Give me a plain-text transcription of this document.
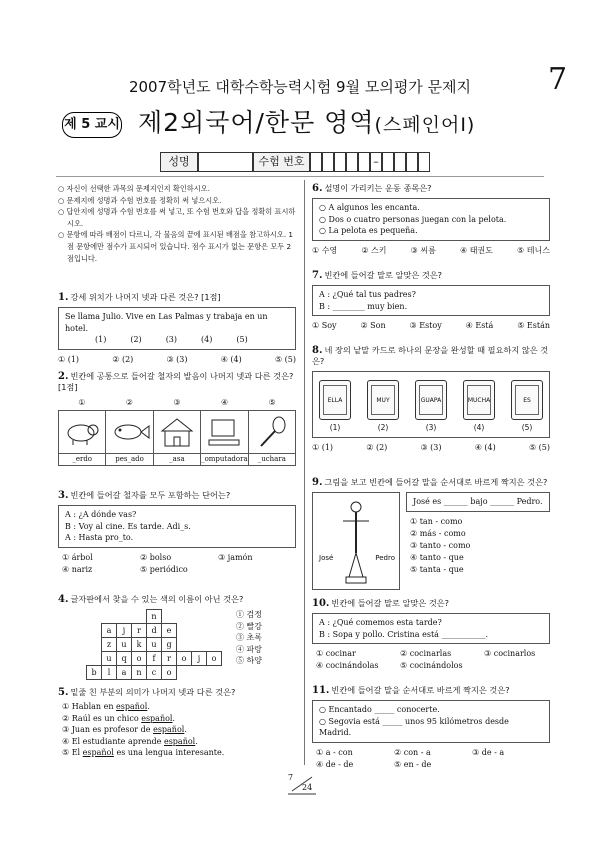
2007학년도 대학수학능력시험 9월 모의평가 문제지	7
제 5 교시 제2외국어/한문 영역(스페인어Ⅰ)
성명	수험 번호	–

○ 자신이 선택한 과목의 문제지인지 확인하시오.

○ 문제지에 성명과 수험 번호를 정확히 써 넣으시오.

○ 답안지에 성명과 수험 번호를 써 넣고, 또 수험 번호와 답을 정확히 표시하시오.

○ 문항에 따라 배점이 다르니, 각 물음의 끝에 표시된 배점을 참고하시오. 1점 문항에만 점수가 표시되어 있습니다. 점수 표시가 없는 문항은 모두 2점입니다.

1. 강세 위치가 나머지 넷과 다른 것은? [1점]
Se llama Julio. Vive en Las Palmas y trabaja en un hotel.
(1)	(2)	(3)	(4)	(5)
① (1)	② (2)	③ (3)	④ (4)	⑤ (5)
2. 빈칸에 공통으로 들어갈 철자의 발음이 나머지 넷과 다른 것은? [1점]
①	②	③	④	⑤
_erdo	pes_ado	_asa	_omputadora	_uchara
3. 빈칸에 들어갈 철자를 모두 포함하는 단어는?
A : ¿A dónde vas?
B : Voy al cine. Es tarde. Adi_s.
A : Hasta pro_to.
① árbol	② bolso	③ jamón
④ nariz	⑤ periódico
4. 글자판에서 찾을 수 있는 색의 이름이 아닌 것은?
				n				
	a	j	r	d	e			
	z	u	k	u	g			
	u	q	o	f	r	o	j	o
b	l	a	n	c	o			
① 검정
② 빨강
③ 초록
④ 파랑
⑤ 하양
5. 밑줄 친 부분의 의미가 나머지 넷과 다른 것은?
① Hablan en español.
② Raúl es un chico español.
③ Juan es profesor de español.
④ El estudiante aprende español.
⑤ El español es una lengua interesante.
6. 설명이 가리키는 운동 종목은?
○ A algunos les encanta.
○ Dos o cuatro personas juegan con la pelota.
○ La pelota es pequeña.
① 수영	② 스키	③ 씨름	④ 태권도	⑤ 테니스
7. 빈칸에 들어갈 말로 알맞은 것은?
A : ¿Qué tal tus padres?
B : ________ muy bien.
① Soy	② Son	③ Estoy	④ Está	⑤ Están
8. 네 장의 낱말 카드로 하나의 문장을 완성할 때 필요하지 않은 것은?
ELLA
(1)
MUY
(2)
GUAPA
(3)
MUCHA
(4)
ES
(5)
① (1)	② (2)	③ (3)	④ (4)	⑤ (5)
9. 그림을 보고 빈칸에 들어갈 말을 순서대로 바르게 짝지은 것은?
José	Pedro
José es ______ bajo ______ Pedro.
① tan - como
② más - como
③ tanto - como
④ tanto - que
⑤ tanta - que
10. 빈칸에 들어갈 말로 알맞은 것은?
A : ¿Qué comemos esta tarde?
B : Sopa y pollo. Cristina está ___________.
① cocinar	② cocinarlas	③ cocinarlos
④ cocinándolas	⑤ cocinándolos
11. 빈칸에 들어갈 말을 순서대로 바르게 짝지은 것은?
○ Encantado _____ conocerte.
○ Segovia está _____ unos 95 kilómetros desde Madrid.
① a - con	② con - a	③ de - a
④ de - de	⑤ en - de
7
24
